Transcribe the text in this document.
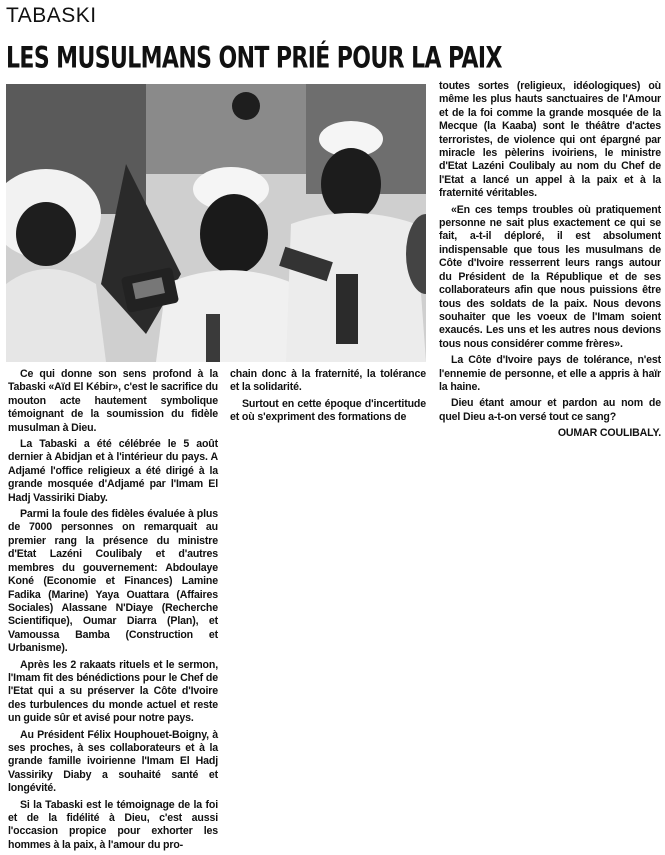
TABASKI
LES MUSULMANS ONT PRIÉ POUR LA PAIX

Ce qui donne son sens profond à la Tabaski «Aïd El Kébir», c'est le sacrifice du mouton acte hautement symbolique témoignant de la soumission du fidèle musulman à Dieu.

La Tabaski a été célébrée le 5 août dernier à Abidjan et à l'intérieur du pays. A Adjamé l'office religieux a été dirigé à la grande mosquée d'Adjamé par l'Imam El Hadj Vassiriki Diaby.

Parmi la foule des fidèles évaluée à plus de 7000 personnes on remarquait au premier rang la présence du ministre d'Etat Lazéni Coulibaly et d'autres membres du gouvernement: Abdoulaye Koné (Economie et Finances) Lamine Fadika (Marine) Yaya Ouattara (Affaires Sociales) Alassane N'Diaye (Recherche Scientifique), Oumar Diarra (Plan), et Vamoussa Bamba (Construction et Urbanisme).

Après les 2 rakaats rituels et le sermon, l'Imam fit des bénédictions pour le Chef de l'Etat qui a su préserver la Côte d'Ivoire des turbulences du monde actuel et reste un guide sûr et avisé pour notre pays.

Au Président Félix Houphouet-Boigny, à ses proches, à ses collaborateurs et à la grande famille ivoirienne l'Imam El Hadj Vassiriky Diaby a souhaité santé et longévité.

Si la Tabaski est le témoignage de la foi et de la fidélité à Dieu, c'est aussi l'occasion propice pour exhorter les hommes à la paix, à l'amour du pro-

chain donc à la fraternité, la tolérance et la solidarité.

Surtout en cette époque d'incertitude et où s'expriment des formations de

toutes sortes (religieux, idéologiques) où même les plus hauts sanctuaires de l'Amour et de la foi comme la grande mosquée de la Mecque (la Kaaba) sont le théâtre d'actes terroristes, de violence qui ont épargné par miracle les pèlerins ivoiriens, le ministre d'Etat Lazéni Coulibaly au nom du Chef de l'Etat a lancé un appel à la paix et à la fraternité véritables.

«En ces temps troubles où pratiquement personne ne sait plus exactement ce qui se fait, a-t-il déploré, il est absolument indispensable que tous les musulmans de Côte d'Ivoire resserrent leurs rangs autour du Président de la République et de ses collaborateurs afin que nous puissions être tous des soldats de la paix. Nous devons souhaiter que les voeux de l'Imam soient exaucés. Les uns et les autres nous devions tous nous considérer comme frères».

La Côte d'Ivoire pays de tolérance, n'est l'ennemie de personne, et elle a appris à haïr la haine.

Dieu étant amour et pardon au nom de quel Dieu a-t-on versé tout ce sang?

OUMAR COULIBALY.
